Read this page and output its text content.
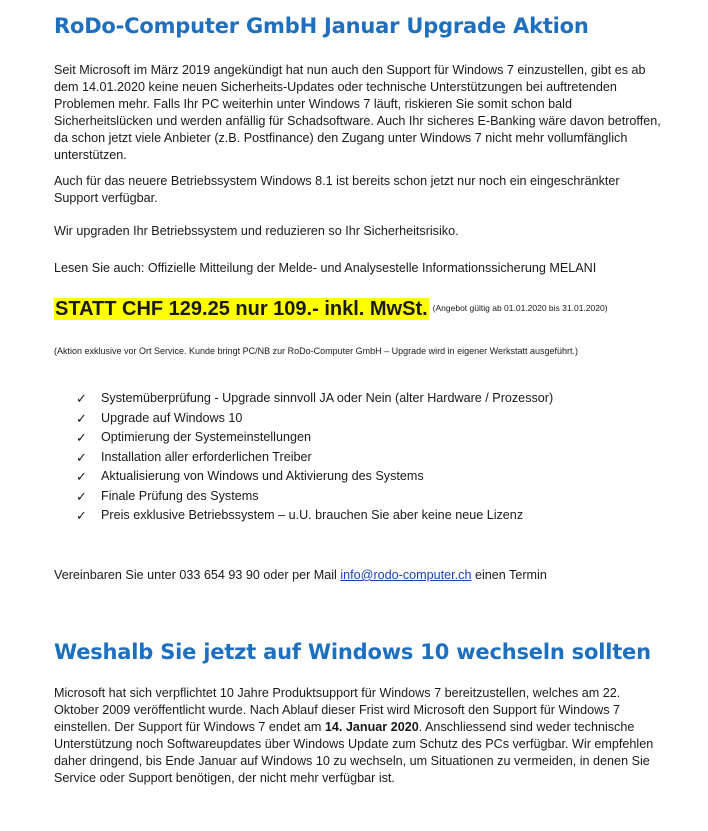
RoDo-Computer GmbH Januar Upgrade Aktion

Seit Microsoft im März 2019 angekündigt hat nun auch den Support für Windows 7 einzustellen, gibt es ab dem 14.01.2020 keine neuen Sicherheits-Updates oder technische Unterstützungen bei auftretenden Problemen mehr. Falls Ihr PC weiterhin unter Windows 7 läuft, riskieren Sie somit schon bald Sicherheitslücken und werden anfällig für Schadsoftware. Auch Ihr sicheres E-Banking wäre davon betroffen, da schon jetzt viele Anbieter (z.B. Postfinance) den Zugang unter Windows 7 nicht mehr vollumfänglich unterstützen.

Auch für das neuere Betriebssystem Windows 8.1 ist bereits schon jetzt nur noch ein eingeschränkter Support verfügbar.

Wir upgraden Ihr Betriebssystem und reduzieren so Ihr Sicherheitsrisiko.

Lesen Sie auch: Offizielle Mitteilung der Melde- und Analysestelle Informationssicherung MELANI

STATT CHF 129.25 nur 109.- inkl. MwSt. $^{(Angebot gültig ab 01.01.2020 bis 31.01.2020)}$

(Aktion exklusive vor Ort Service. Kunde bringt PC/NB zur RoDo-Computer GmbH – Upgrade wird in eigener Werkstatt ausgeführt.)

✓ Systemüberprüfung - Upgrade sinnvoll JA oder Nein (alter Hardware / Prozessor)
✓ Upgrade auf Windows 10
✓ Optimierung der Systemeinstellungen
✓ Installation aller erforderlichen Treiber
✓ Aktualisierung von Windows und Aktivierung des Systems
✓ Finale Prüfung des Systems
✓ Preis exklusive Betriebssystem – u.U. brauchen Sie aber keine neue Lizenz

Vereinbaren Sie unter 033 654 93 90 oder per Mail info@rodo-computer.ch einen Termin

Weshalb Sie jetzt auf Windows 10 wechseln sollten

Microsoft hat sich verpflichtet 10 Jahre Produktsupport für Windows 7 bereitzustellen, welches am 22. Oktober 2009 veröffentlicht wurde. Nach Ablauf dieser Frist wird Microsoft den Support für Windows 7 einstellen. Der Support für Windows 7 endet am 14. Januar 2020. Anschliessend sind weder technische Unterstützung noch Softwareupdates über Windows Update zum Schutz des PCs verfügbar. Wir empfehlen daher dringend, bis Ende Januar auf Windows 10 zu wechseln, um Situationen zu vermeiden, in denen Sie Service oder Support benötigen, der nicht mehr verfügbar ist.
